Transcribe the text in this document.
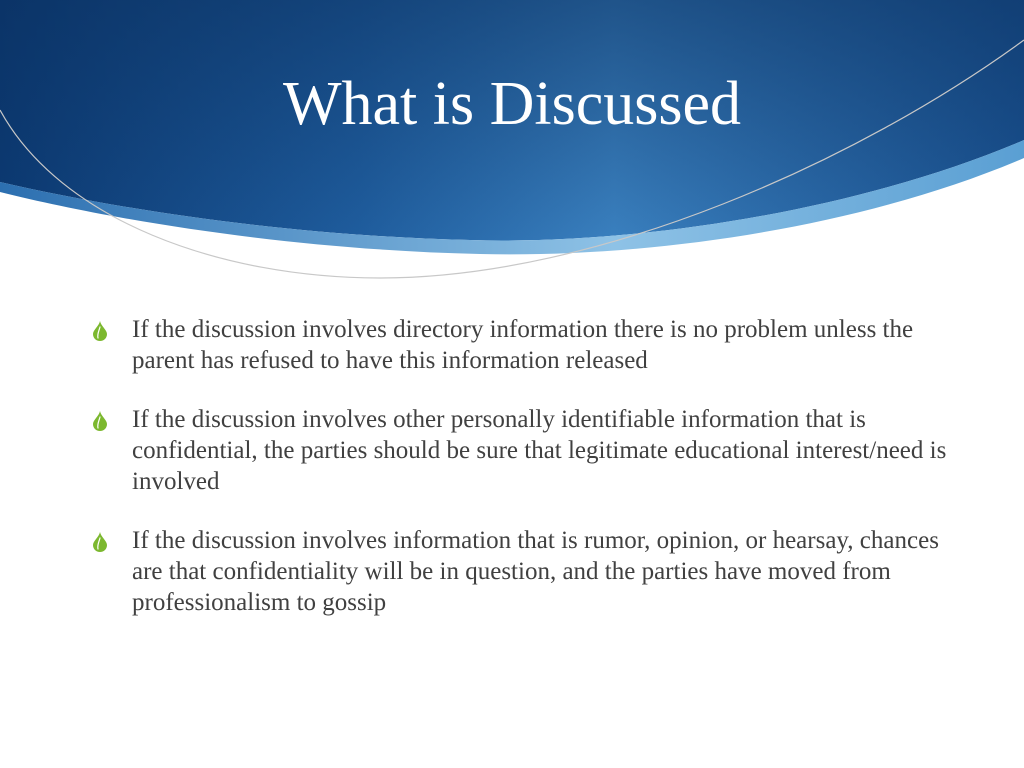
What is Discussed
If the discussion involves directory information there is no problem unless the parent has refused to have this information released
If the discussion involves other personally identifiable information that is confidential, the parties should be sure that legitimate educational interest/need is involved
If the discussion involves information that is rumor, opinion, or hearsay, chances are that confidentiality will be in question, and the parties have moved from professionalism to gossip
